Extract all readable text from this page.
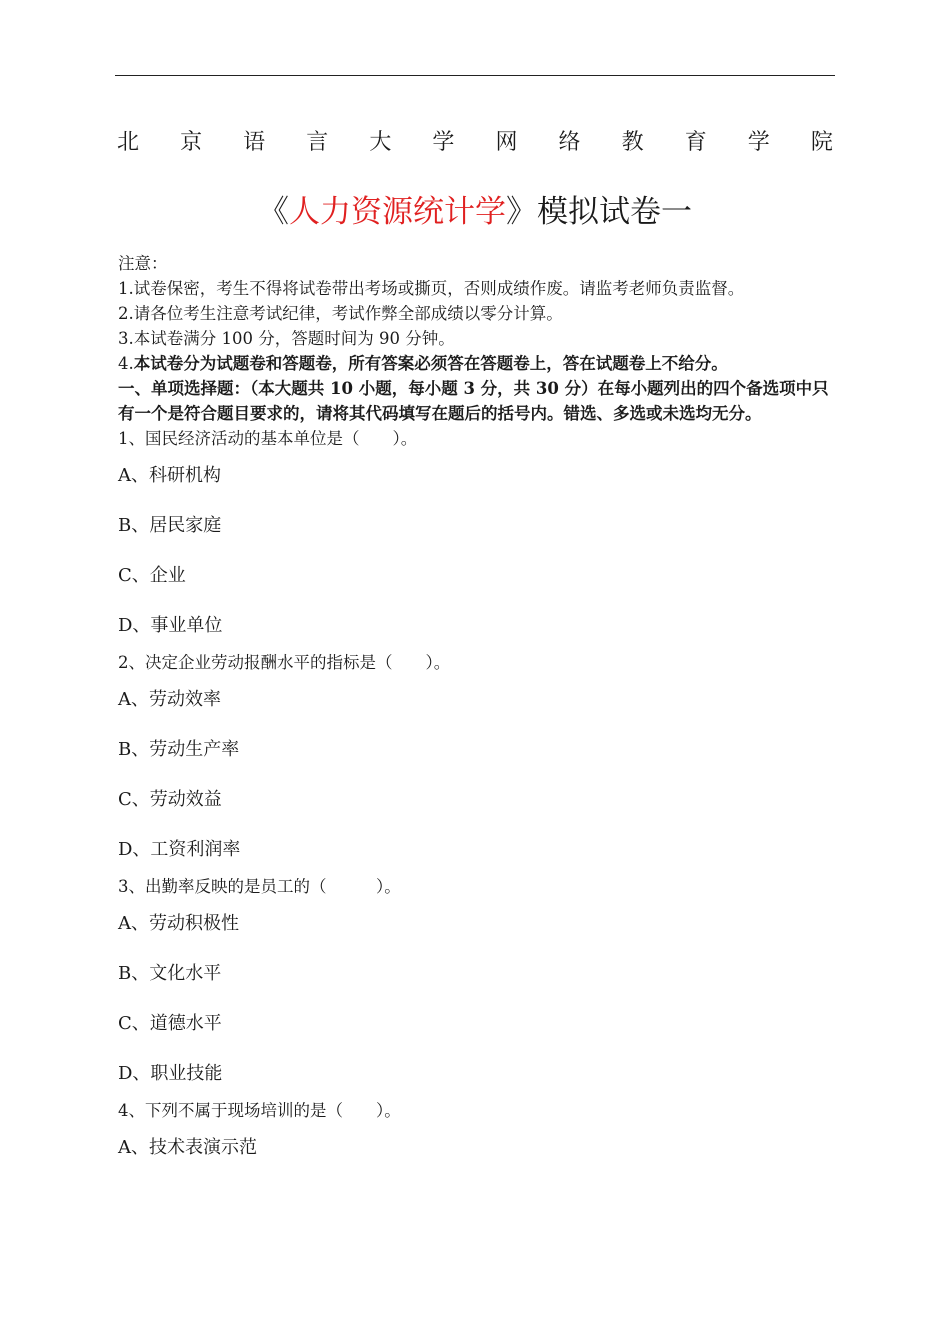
北 京 语 言 大 学 网 络 教 育 学 院
《人力资源统计学》模拟试卷一
注意：
1.试卷保密，考生不得将试卷带出考场或撕页，否则成绩作废。请监考老师负责监督。
2.请各位考生注意考试纪律，考试作弊全部成绩以零分计算。
3.本试卷满分 100 分，答题时间为 90 分钟。
4.本试卷分为试题卷和答题卷，所有答案必须答在答题卷上，答在试题卷上不给分。
一、单项选择题：（本大题共 10 小题，每小题 3 分，共 30 分）在每小题列出的四个备选项中只有一个是符合题目要求的，请将其代码填写在题后的括号内。错选、多选或未选均无分。
1、国民经济活动的基本单位是（　　）。
A、科研机构
B、居民家庭
C、企业
D、事业单位
2、决定企业劳动报酬水平的指标是（　　）。
A、劳动效率
B、劳动生产率
C、劳动效益
D、工资利润率
3、出勤率反映的是员工的（　　　）。
A、劳动积极性
B、文化水平
C、道德水平
D、职业技能
4、下列不属于现场培训的是（　　）。
A、技术表演示范
